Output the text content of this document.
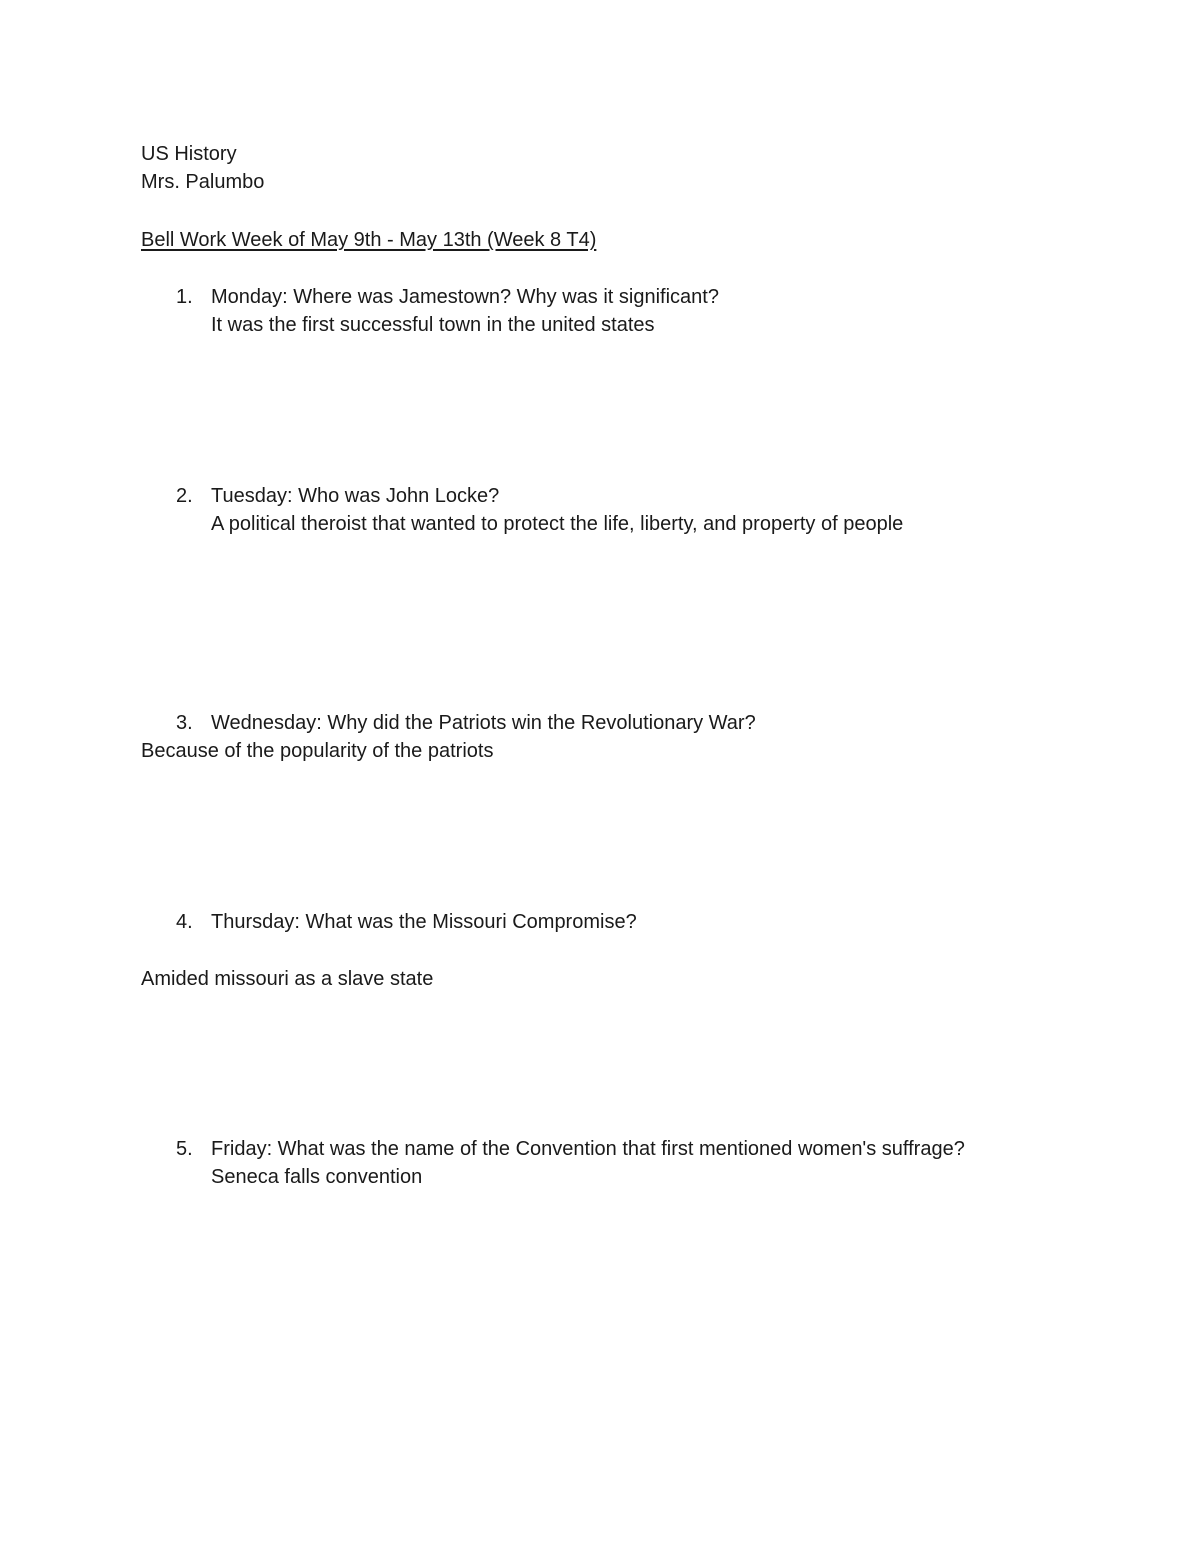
US History
Mrs. Palumbo
Bell Work Week of May 9th - May 13th (Week 8 T4)
1. Monday: Where was Jamestown? Why was it significant?
It was the first successful town in the united states
2. Tuesday: Who was John Locke?
A political theroist that wanted to protect the life, liberty, and property of people
3. Wednesday: Why did the Patriots win the Revolutionary War?
Because of the popularity of the patriots
4. Thursday: What was the Missouri Compromise?
Amided missouri as a slave state
5. Friday: What was the name of the Convention that first mentioned women's suffrage?
Seneca falls convention
